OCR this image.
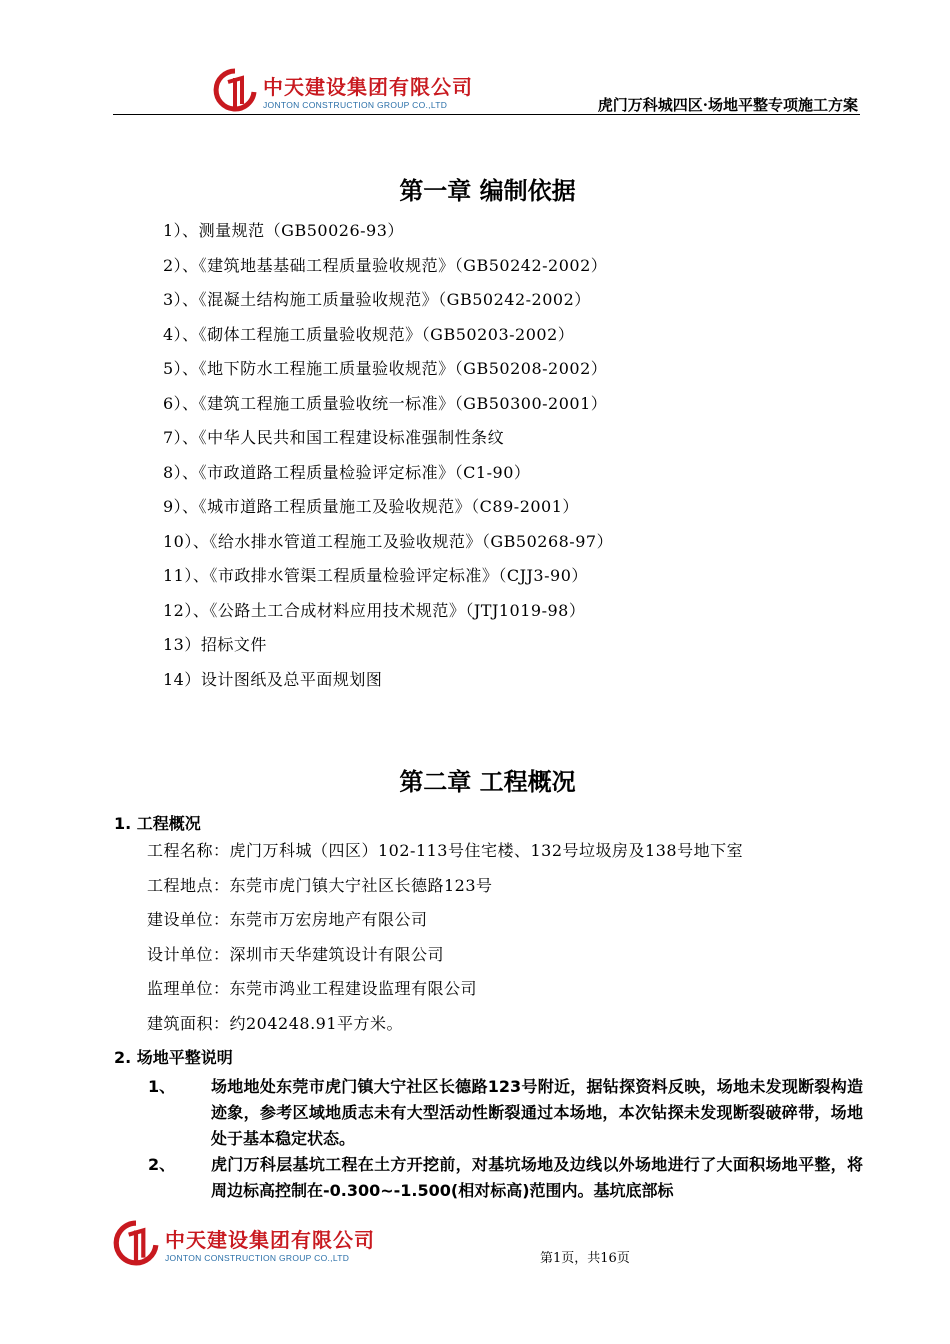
中天建设集团有限公司
JONTON CONSTRUCTION GROUP CO.,LTD	虎门万科城四区·场地平整专项施工方案
第一章 编制依据
1）、测量规范（GB50026-93）
2）、《建筑地基基础工程质量验收规范》（GB50242-2002）
3）、《混凝土结构施工质量验收规范》（GB50242-2002）
4）、《砌体工程施工质量验收规范》（GB50203-2002）
5）、《地下防水工程施工质量验收规范》（GB50208-2002）
6）、《建筑工程施工质量验收统一标准》（GB50300-2001）
7）、《中华人民共和国工程建设标准强制性条纹
8）、《市政道路工程质量检验评定标准》（C1-90）
9）、《城市道路工程质量施工及验收规范》（C89-2001）
10）、《给水排水管道工程施工及验收规范》（GB50268-97）
11）、《市政排水管渠工程质量检验评定标准》（CJJ3-90）
12）、《公路土工合成材料应用技术规范》（JTJ1019-98）
13）招标文件
14）设计图纸及总平面规划图
第二章 工程概况
1. 工程概况
工程名称：虎门万科城（四区）102-113号住宅楼、132号垃圾房及138号地下室
工程地点：东莞市虎门镇大宁社区长德路123号
建设单位：东莞市万宏房地产有限公司
设计单位：深圳市天华建筑设计有限公司
监理单位：东莞市鸿业工程建设监理有限公司
建筑面积：约204248.91平方米。
2. 场地平整说明
1、 场地地处东莞市虎门镇大宁社区长德路123号附近，据钻探资料反映，场地未发现断裂构造迹象，参考区域地质志未有大型活动性断裂通过本场地，本次钻探未发现断裂破碎带，场地处于基本稳定状态。
2、 虎门万科层基坑工程在土方开挖前，对基坑场地及边线以外场地进行了大面积场地平整，将周边标高控制在-0.300~-1.500(相对标高)范围内。基坑底部标
中天建设集团有限公司
JONTON CONSTRUCTION GROUP CO.,LTD	第1页，共16页
